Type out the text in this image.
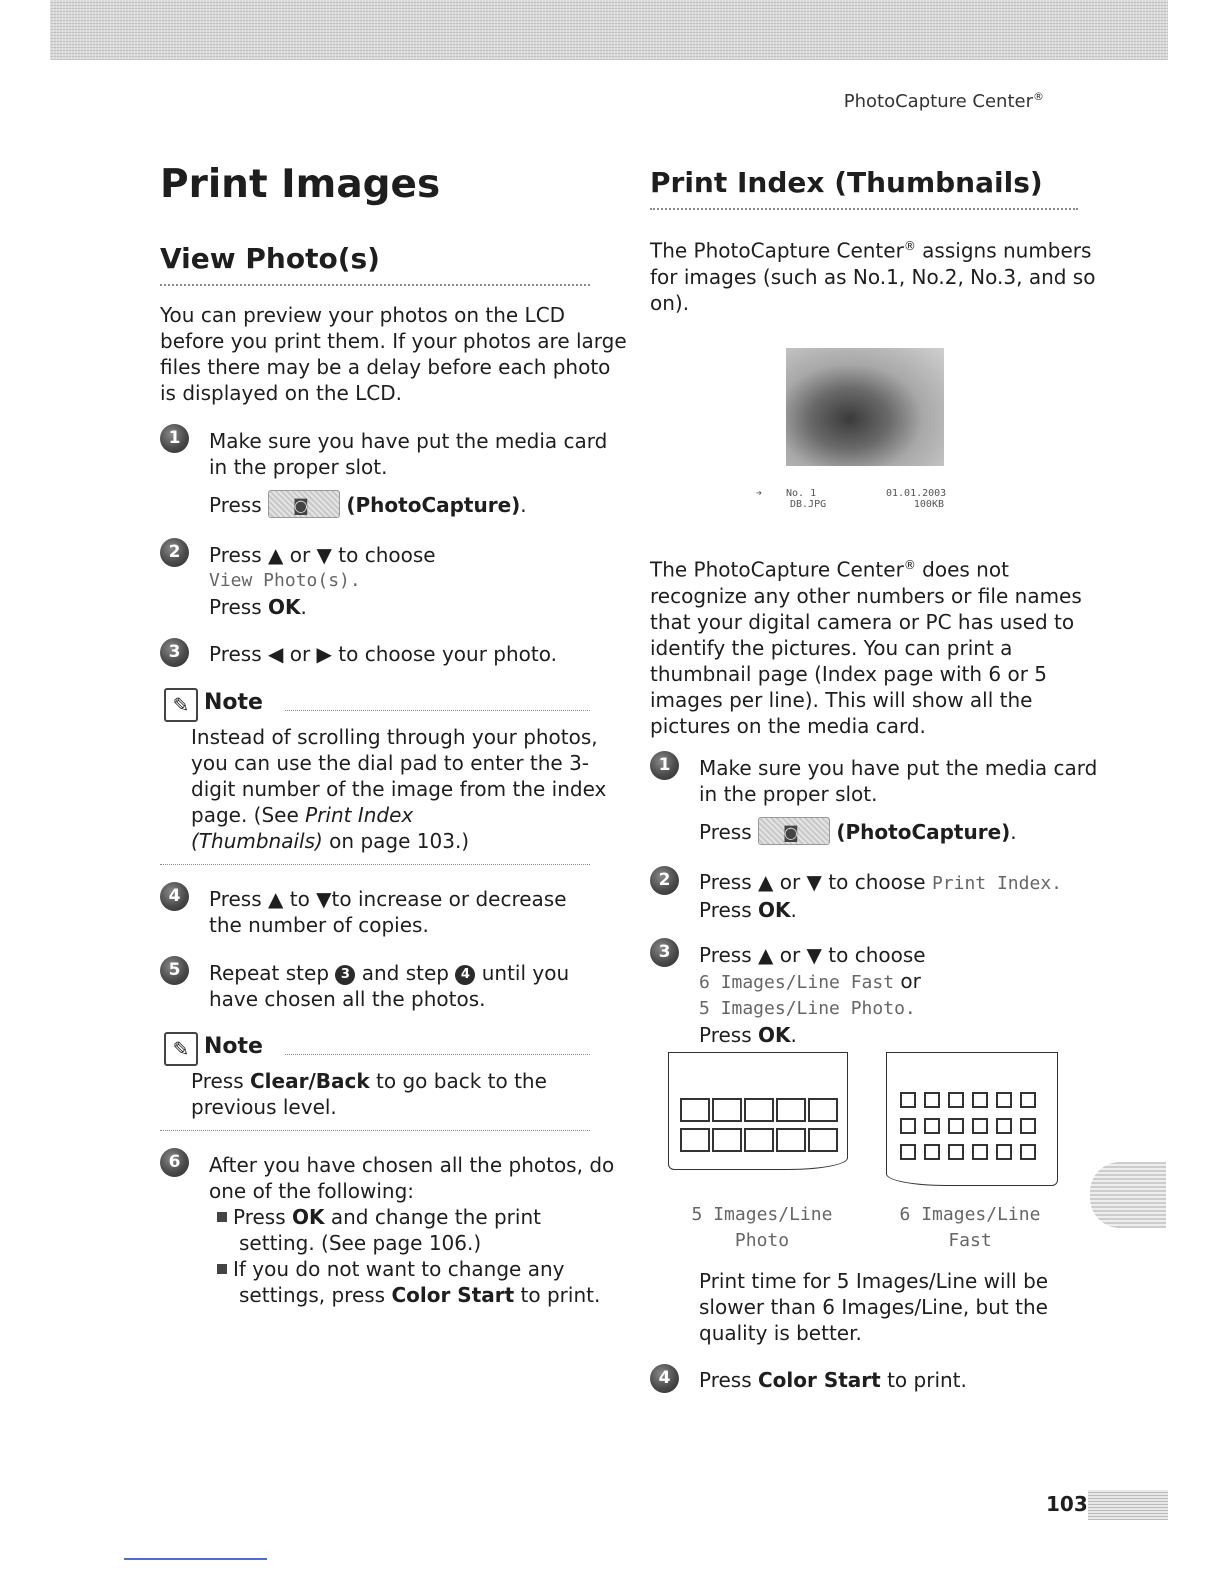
PhotoCapture Center®
Print Images
View Photo(s)
You can preview your photos on the LCD
before you print them. If your photos are large
files there may be a delay before each photo
is displayed on the LCD.
1	Make sure you have put the media card
in the proper slot.
Press ◙ (PhotoCapture).
2	Press ▲ or ▼ to choose
View Photo(s).
Press OK.
3	Press ◀ or ▶ to choose your photo.
✎ Note
Instead of scrolling through your photos,
you can use the dial pad to enter the 3-
digit number of the image from the index
page. (See Print Index
(Thumbnails) on page 103.)
4	Press ▲ to ▼to increase or decrease
the number of copies.
5	Repeat step 3 and step 4 until you
have chosen all the photos.
✎ Note
Press Clear/Back to go back to the
previous level.
6	After you have chosen all the photos, do
one of the following:
Press OK and change the print
setting. (See page 106.)
If you do not want to change any
settings, press Color Start to print.
Print Index (Thumbnails)
The PhotoCapture Center® assigns numbers
for images (such as No.1, No.2, No.3, and so
on).
➔ No. 1
DB.JPG
01.01.2003
100KB
The PhotoCapture Center® does not
recognize any other numbers or file names
that your digital camera or PC has used to
identify the pictures. You can print a
thumbnail page (Index page with 6 or 5
images per line). This will show all the
pictures on the media card.
1	Make sure you have put the media card
in the proper slot.
Press ◙ (PhotoCapture).
2	Press ▲ or ▼ to choose Print Index.
Press OK.
3	Press ▲ or ▼ to choose
6 Images/Line Fast or
5 Images/Line Photo.
Press OK.
5 Images/Line
Photo
6 Images/Line
Fast
Print time for 5 Images/Line will be
slower than 6 Images/Line, but the
quality is better.
4	Press Color Start to print.
103
